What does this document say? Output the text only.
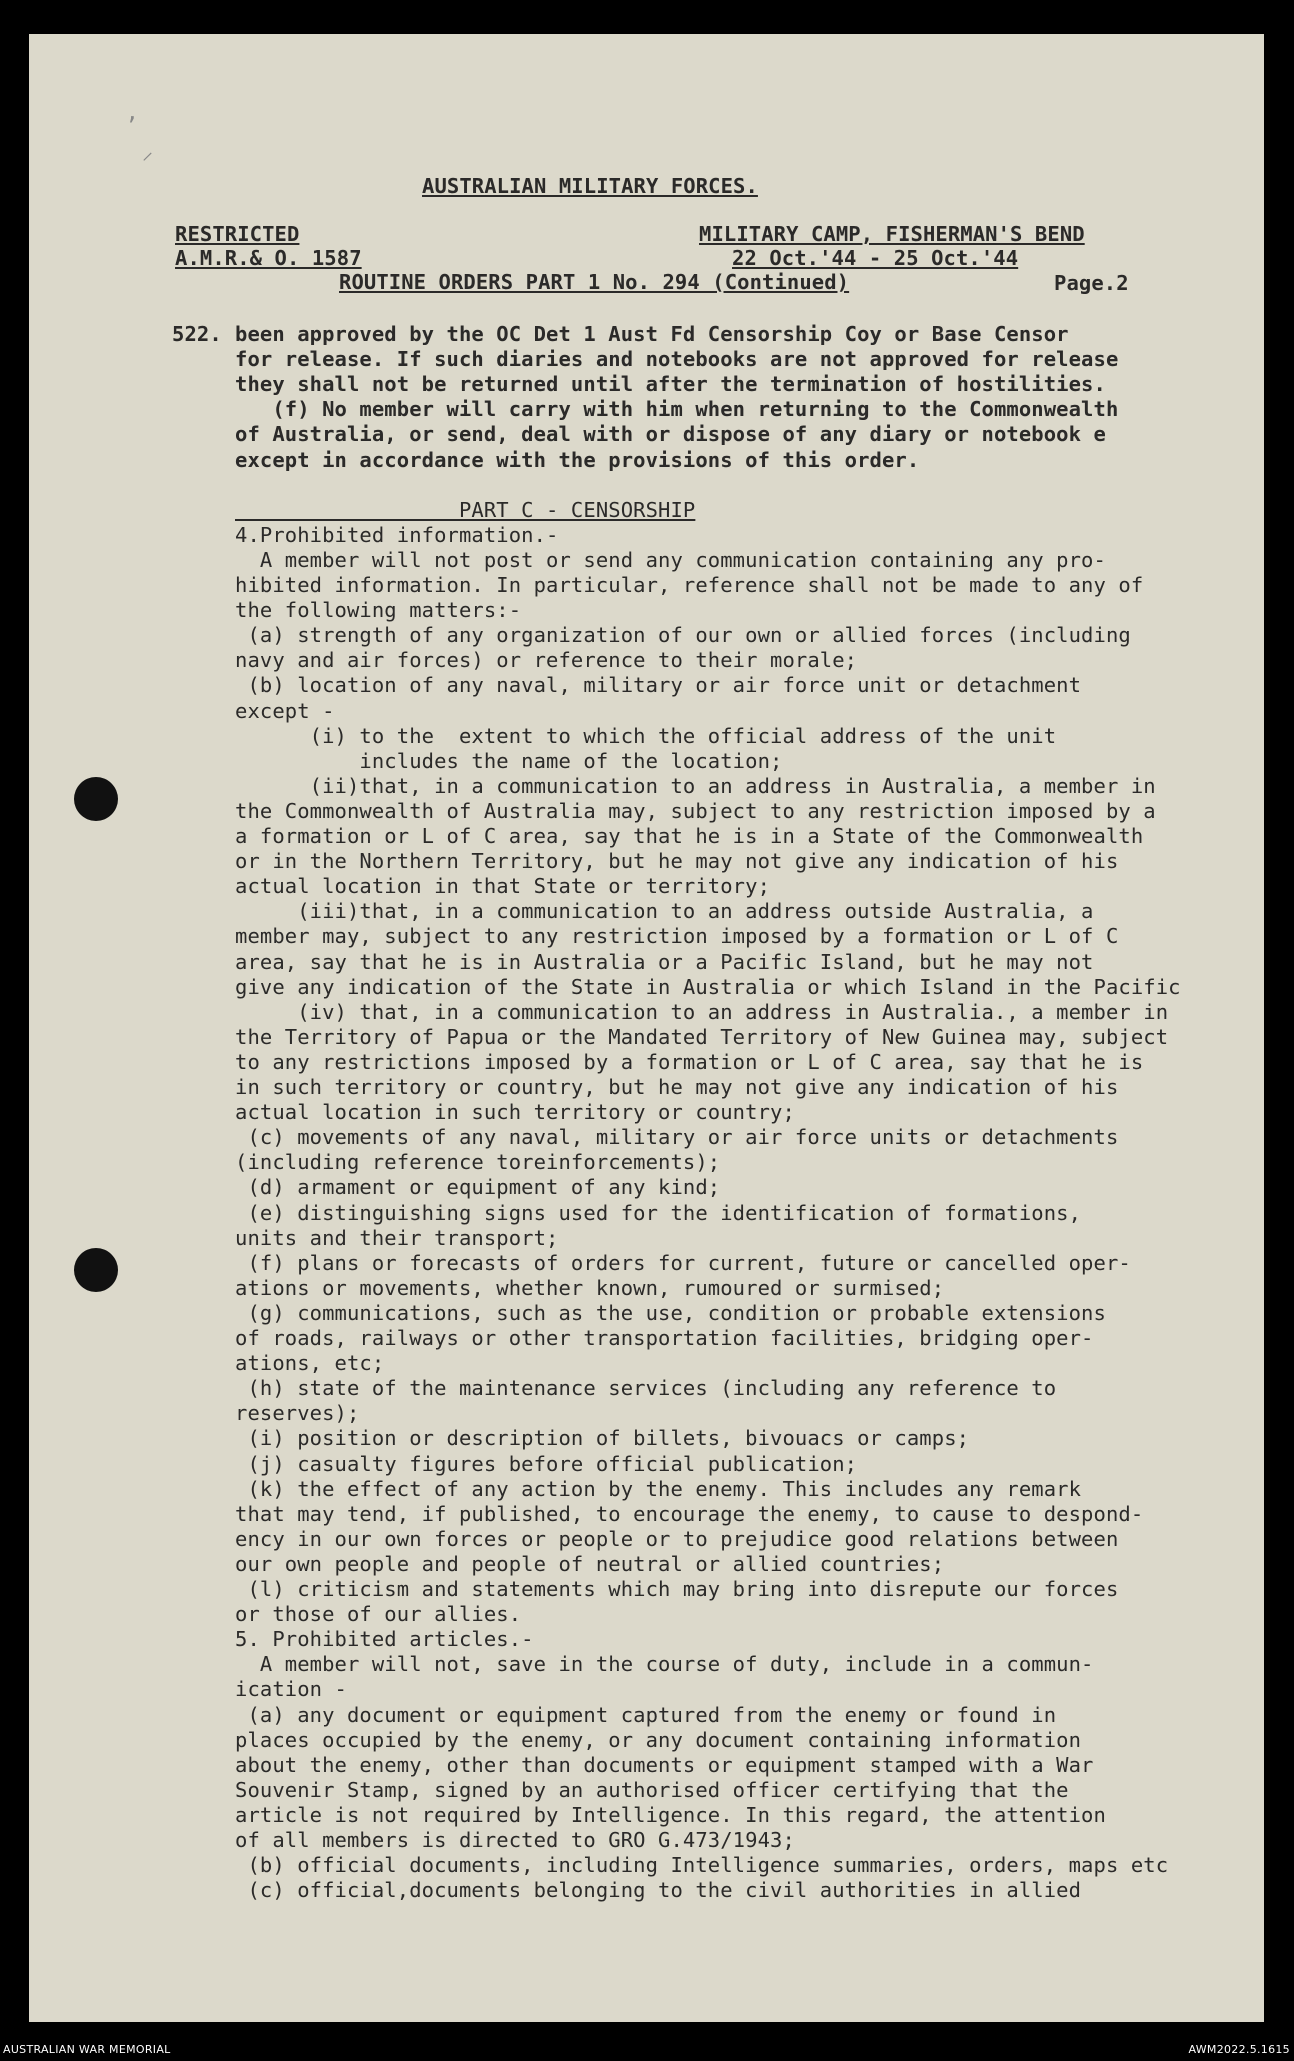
ʼ
⸝
AUSTRALIAN MILITARY FORCES.
RESTRICTED
A.M.R.& O. 1587
MILITARY CAMP, FISHERMAN'S BEND
22 Oct.'44 - 25 Oct.'44
ROUTINE ORDERS PART 1 No. 294 (Continued)	Page.2
522. been approved by the OC Det 1 Aust Fd Censorship Coy or Base Censor
for release. If such diaries and notebooks are not approved for release
they shall not be returned until after the termination of hostilities.
(f) No member will carry with him when returning to the Commonwealth
of Australia, or send, deal with or dispose of any diary or notebook e
except in accordance with the provisions of this order.
PART C - CENSORSHIP
4.Prohibited information.-
A member will not post or send any communication containing any pro-
hibited information. In particular, reference shall not be made to any of
the following matters:-
(a) strength of any organization of our own or allied forces (including
navy and air forces) or reference to their morale;
(b) location of any naval, military or air force unit or detachment
except -
(i) to the  extent to which the official address of the unit
includes the name of the location;
(ii)that, in a communication to an address in Australia, a member in
the Commonwealth of Australia may, subject to any restriction imposed by a
a formation or L of C area, say that he is in a State of the Commonwealth
or in the Northern Territory, but he may not give any indication of his
actual location in that State or territory;
(iii)that, in a communication to an address outside Australia, a
member may, subject to any restriction imposed by a formation or L of C
area, say that he is in Australia or a Pacific Island, but he may not
give any indication of the State in Australia or which Island in the Pacific
(iv) that, in a communication to an address in Australia., a member in
the Territory of Papua or the Mandated Territory of New Guinea may, subject
to any restrictions imposed by a formation or L of C area, say that he is
in such territory or country, but he may not give any indication of his
actual location in such territory or country;
(c) movements of any naval, military or air force units or detachments
(including reference toreinforcements);
(d) armament or equipment of any kind;
(e) distinguishing signs used for the identification of formations,
units and their transport;
(f) plans or forecasts of orders for current, future or cancelled oper-
ations or movements, whether known, rumoured or surmised;
(g) communications, such as the use, condition or probable extensions
of roads, railways or other transportation facilities, bridging oper-
ations, etc;
(h) state of the maintenance services (including any reference to
reserves);
(i) position or description of billets, bivouacs or camps;
(j) casualty figures before official publication;
(k) the effect of any action by the enemy. This includes any remark
that may tend, if published, to encourage the enemy, to cause to despond-
ency in our own forces or people or to prejudice good relations between
our own people and people of neutral or allied countries;
(l) criticism and statements which may bring into disrepute our forces
or those of our allies.
5. Prohibited articles.-
A member will not, save in the course of duty, include in a commun-
ication -
(a) any document or equipment captured from the enemy or found in
places occupied by the enemy, or any document containing information
about the enemy, other than documents or equipment stamped with a War
Souvenir Stamp, signed by an authorised officer certifying that the
article is not required by Intelligence. In this regard, the attention
of all members is directed to GRO G.473/1943;
(b) official documents, including Intelligence summaries, orders, maps etc
(c) official,documents belonging to the civil authorities in allied
AUSTRALIAN WAR MEMORIAL	AWM2022.5.1615
